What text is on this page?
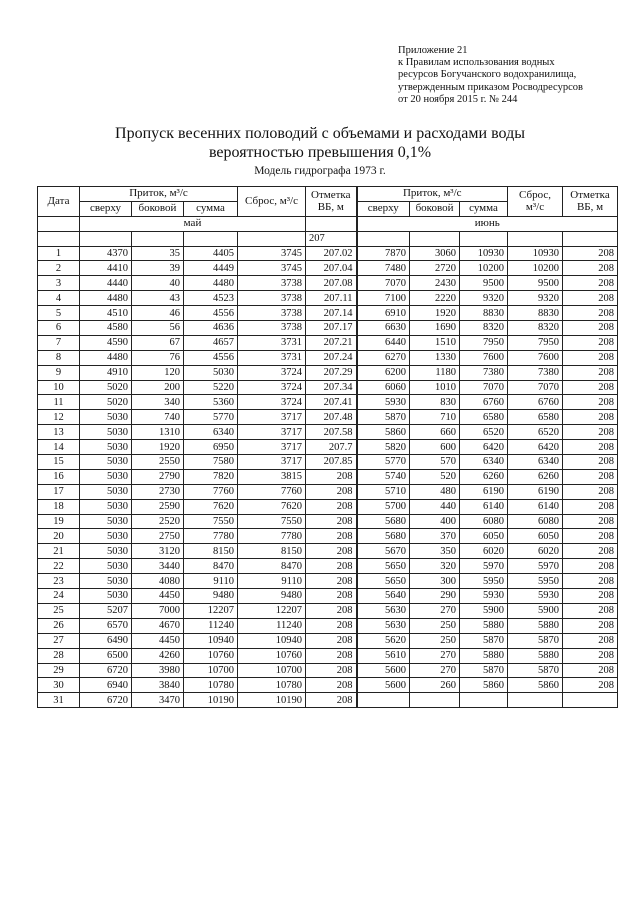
Приложение 21
к Правилам использования водных
ресурсов Богучанского водохранилища,
утвержденным приказом Росводресурсов
от 20 ноября 2015 г. № 244
Пропуск весенних половодий с объемами и расходами воды
вероятностью превышения 0,1%
Модель гидрографа 1973 г.
Дата	Приток, м³/с			Сброс, м³/с	Отметка ВБ, м	Приток, м³/с			Сброс, м³/с	Отметка ВБ, м
	сверху	боковой	сумма			сверху	боковой	сумма		
	май					июнь				
					207					
1	4370	35	4405	3745	207.02	7870	3060	10930	10930	208
2	4410	39	4449	3745	207.04	7480	2720	10200	10200	208
3	4440	40	4480	3738	207.08	7070	2430	9500	9500	208
4	4480	43	4523	3738	207.11	7100	2220	9320	9320	208
5	4510	46	4556	3738	207.14	6910	1920	8830	8830	208
6	4580	56	4636	3738	207.17	6630	1690	8320	8320	208
7	4590	67	4657	3731	207.21	6440	1510	7950	7950	208
8	4480	76	4556	3731	207.24	6270	1330	7600	7600	208
9	4910	120	5030	3724	207.29	6200	1180	7380	7380	208
10	5020	200	5220	3724	207.34	6060	1010	7070	7070	208
11	5020	340	5360	3724	207.41	5930	830	6760	6760	208
12	5030	740	5770	3717	207.48	5870	710	6580	6580	208
13	5030	1310	6340	3717	207.58	5860	660	6520	6520	208
14	5030	1920	6950	3717	207.7	5820	600	6420	6420	208
15	5030	2550	7580	3717	207.85	5770	570	6340	6340	208
16	5030	2790	7820	3815	208	5740	520	6260	6260	208
17	5030	2730	7760	7760	208	5710	480	6190	6190	208
18	5030	2590	7620	7620	208	5700	440	6140	6140	208
19	5030	2520	7550	7550	208	5680	400	6080	6080	208
20	5030	2750	7780	7780	208	5680	370	6050	6050	208
21	5030	3120	8150	8150	208	5670	350	6020	6020	208
22	5030	3440	8470	8470	208	5650	320	5970	5970	208
23	5030	4080	9110	9110	208	5650	300	5950	5950	208
24	5030	4450	9480	9480	208	5640	290	5930	5930	208
25	5207	7000	12207	12207	208	5630	270	5900	5900	208
26	6570	4670	11240	11240	208	5630	250	5880	5880	208
27	6490	4450	10940	10940	208	5620	250	5870	5870	208
28	6500	4260	10760	10760	208	5610	270	5880	5880	208
29	6720	3980	10700	10700	208	5600	270	5870	5870	208
30	6940	3840	10780	10780	208	5600	260	5860	5860	208
31	6720	3470	10190	10190	208					
